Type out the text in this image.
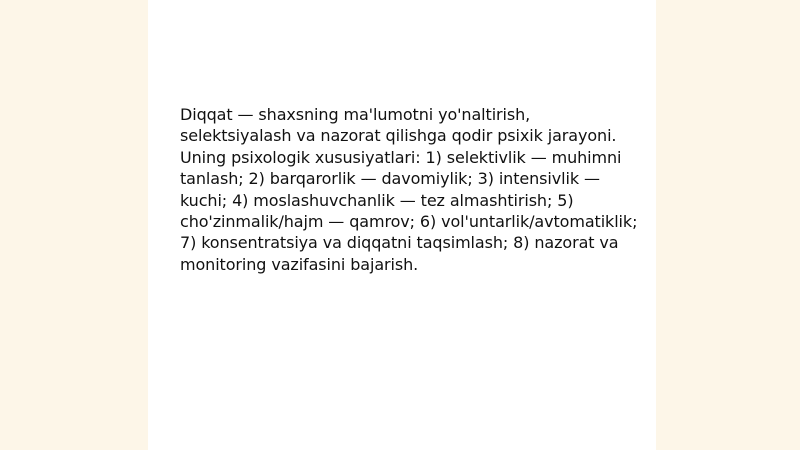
Diqqat — shaxsning ma'lumotni yo'naltirish, selektsiyalash va nazorat qilishga qodir psixik jarayoni. Uning psixologik xususiyatlari: 1) selektivlik — muhimni tanlash; 2) barqarorlik — davomiylik; 3) intensivlik — kuchi; 4) moslashuvchanlik — tez almashtirish; 5) cho'zinmalik/hajm — qamrov; 6) vol'untarlik/avtomatiklik; 7) konsentratsiya va diqqatni taqsimlash; 8) nazorat va monitoring vazifasini bajarish.
